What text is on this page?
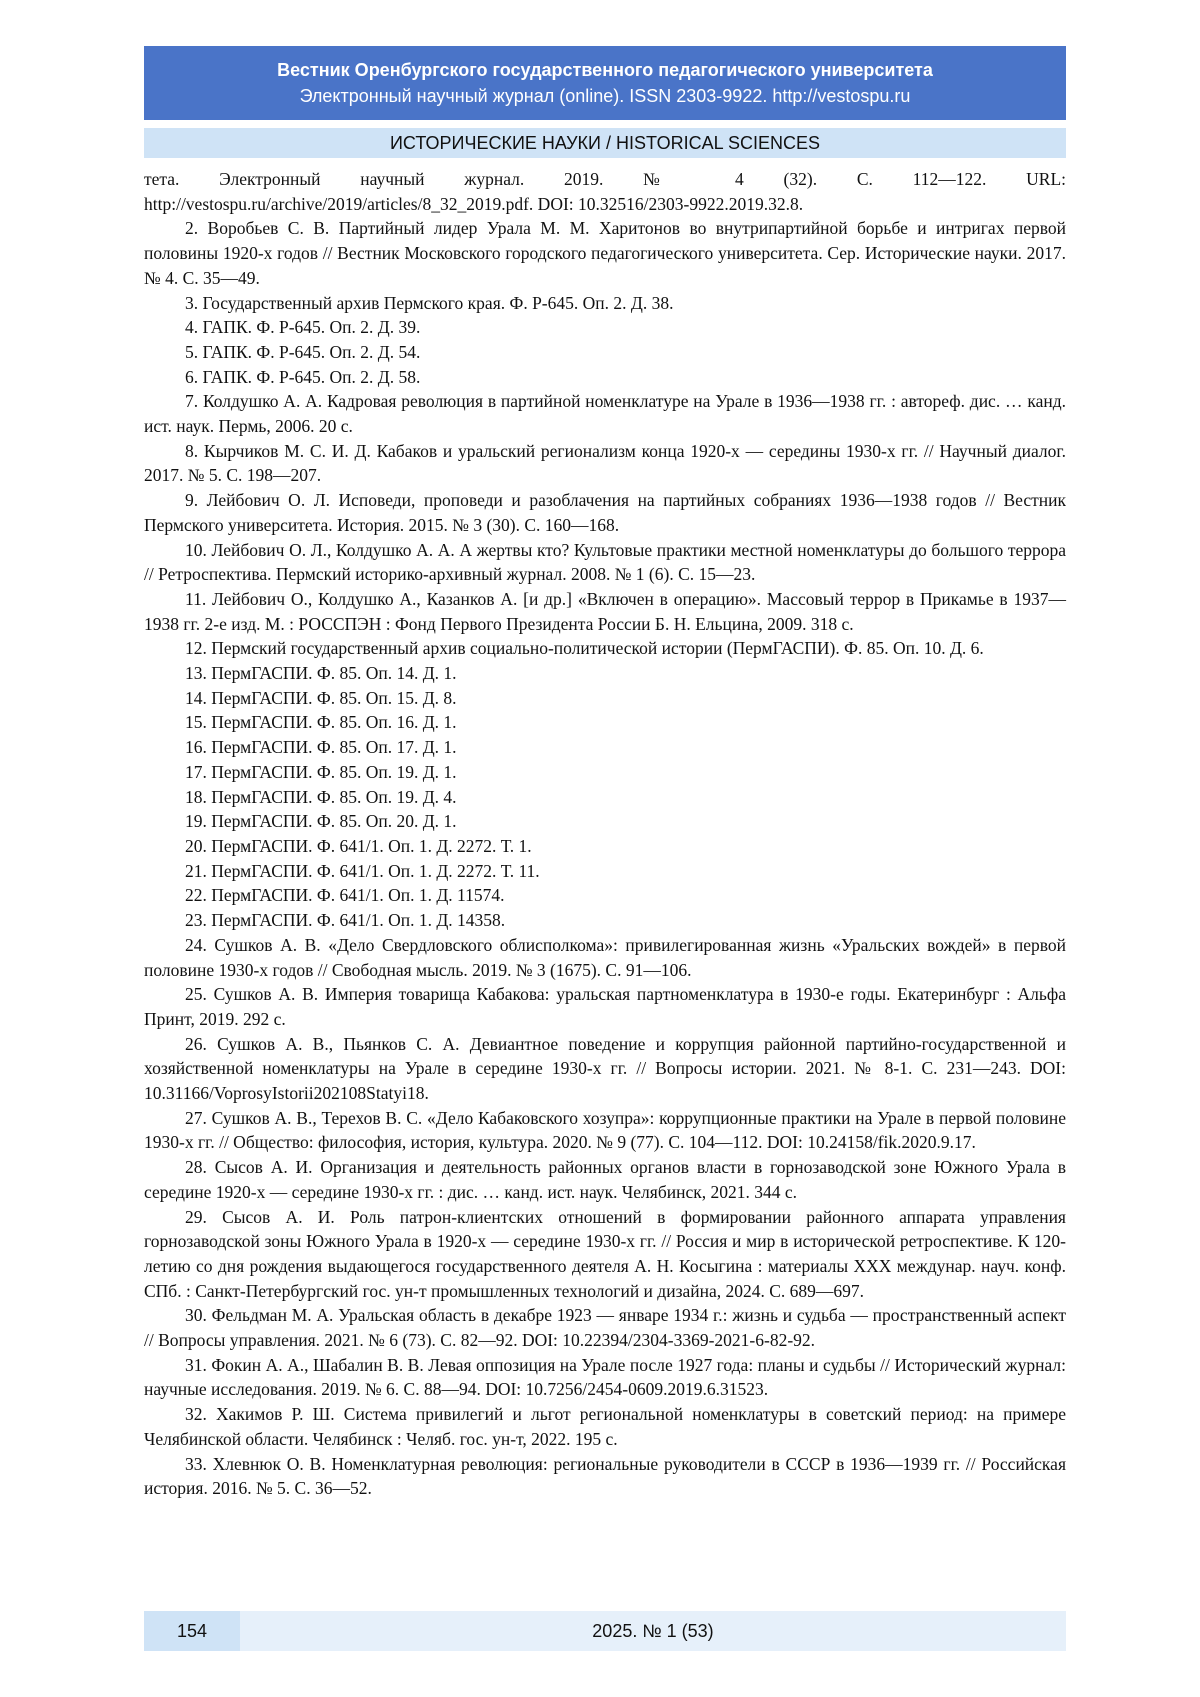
Вестник Оренбургского государственного педагогического университета
Электронный научный журнал (online). ISSN 2303-9922. http://vestospu.ru
ИСТОРИЧЕСКИЕ НАУКИ / HISTORICAL SCIENCES

тета. Электронный научный журнал. 2019. № 4 (32). С. 112—122. URL: http://vestospu.ru/archive/2019/articles/8_32_2019.pdf. DOI: 10.32516/2303-9922.2019.32.8.

2. Воробьев С. В. Партийный лидер Урала М. М. Харитонов во внутрипартийной борьбе и интригах первой половины 1920-х годов // Вестник Московского городского педагогического университета. Сер. Исторические науки. 2017. № 4. С. 35—49.

3. Государственный архив Пермского края. Ф. Р-645. Оп. 2. Д. 38.

4. ГАПК. Ф. Р-645. Оп. 2. Д. 39.

5. ГАПК. Ф. Р-645. Оп. 2. Д. 54.

6. ГАПК. Ф. Р-645. Оп. 2. Д. 58.

7. Колдушко А. А. Кадровая революция в партийной номенклатуре на Урале в 1936—1938 гг. : автореф. дис. … канд. ист. наук. Пермь, 2006. 20 с.

8. Кырчиков М. С. И. Д. Кабаков и уральский регионализм конца 1920-х — середины 1930-х гг. // Научный диалог. 2017. № 5. С. 198—207.

9. Лейбович О. Л. Исповеди, проповеди и разоблачения на партийных собраниях 1936—1938 годов // Вестник Пермского университета. История. 2015. № 3 (30). С. 160—168.

10. Лейбович О. Л., Колдушко А. А. А жертвы кто? Культовые практики местной номенклатуры до большого террора // Ретроспектива. Пермский историко-архивный журнал. 2008. № 1 (6). С. 15—23.

11. Лейбович О., Колдушко А., Казанков А. [и др.] «Включен в операцию». Массовый террор в Прикамье в 1937—1938 гг. 2-е изд. М. : РОССПЭН : Фонд Первого Президента России Б. Н. Ельцина, 2009. 318 с.

12. Пермский государственный архив социально-политической истории (ПермГАСПИ). Ф. 85. Оп. 10. Д. 6.

13. ПермГАСПИ. Ф. 85. Оп. 14. Д. 1.

14. ПермГАСПИ. Ф. 85. Оп. 15. Д. 8.

15. ПермГАСПИ. Ф. 85. Оп. 16. Д. 1.

16. ПермГАСПИ. Ф. 85. Оп. 17. Д. 1.

17. ПермГАСПИ. Ф. 85. Оп. 19. Д. 1.

18. ПермГАСПИ. Ф. 85. Оп. 19. Д. 4.

19. ПермГАСПИ. Ф. 85. Оп. 20. Д. 1.

20. ПермГАСПИ. Ф. 641/1. Оп. 1. Д. 2272. Т. 1.

21. ПермГАСПИ. Ф. 641/1. Оп. 1. Д. 2272. Т. 11.

22. ПермГАСПИ. Ф. 641/1. Оп. 1. Д. 11574.

23. ПермГАСПИ. Ф. 641/1. Оп. 1. Д. 14358.

24. Сушков А. В. «Дело Свердловского облисполкома»: привилегированная жизнь «Уральских вождей» в первой половине 1930-х годов // Свободная мысль. 2019. № 3 (1675). С. 91—106.

25. Сушков А. В. Империя товарища Кабакова: уральская партноменклатура в 1930-е годы. Екатеринбург : Альфа Принт, 2019. 292 с.

26. Сушков А. В., Пьянков С. А. Девиантное поведение и коррупция районной партийно-государственной и хозяйственной номенклатуры на Урале в середине 1930-х гг. // Вопросы истории. 2021. № 8-1. С. 231—243. DOI: 10.31166/VoprosyIstorii202108Statyi18.

27. Сушков А. В., Терехов В. С. «Дело Кабаковского хозупра»: коррупционные практики на Урале в первой половине 1930-х гг. // Общество: философия, история, культура. 2020. № 9 (77). С. 104—112. DOI: 10.24158/fik.2020.9.17.

28. Сысов А. И. Организация и деятельность районных органов власти в горнозаводской зоне Южного Урала в середине 1920-х — середине 1930-х гг. : дис. … канд. ист. наук. Челябинск, 2021. 344 с.

29. Сысов А. И. Роль патрон-клиентских отношений в формировании районного аппарата управления горнозаводской зоны Южного Урала в 1920-х — середине 1930-х гг. // Россия и мир в исторической ретроспективе. К 120-летию со дня рождения выдающегося государственного деятеля А. Н. Косыгина : материалы XXX междунар. науч. конф. СПб. : Санкт-Петербургский гос. ун-т промышленных технологий и дизайна, 2024. С. 689—697.

30. Фельдман М. А. Уральская область в декабре 1923 — январе 1934 г.: жизнь и судьба — пространственный аспект // Вопросы управления. 2021. № 6 (73). С. 82—92. DOI: 10.22394/2304-3369-2021-6-82-92.

31. Фокин А. А., Шабалин В. В. Левая оппозиция на Урале после 1927 года: планы и судьбы // Исторический журнал: научные исследования. 2019. № 6. С. 88—94. DOI: 10.7256/2454-0609.2019.6.31523.

32. Хакимов Р. Ш. Система привилегий и льгот региональной номенклатуры в советский период: на примере Челябинской области. Челябинск : Челяб. гос. ун-т, 2022. 195 с.

33. Хлевнюк О. В. Номенклатурная революция: региональные руководители в СССР в 1936—1939 гг. // Российская история. 2016. № 5. С. 36—52.

154	2025. № 1 (53)
